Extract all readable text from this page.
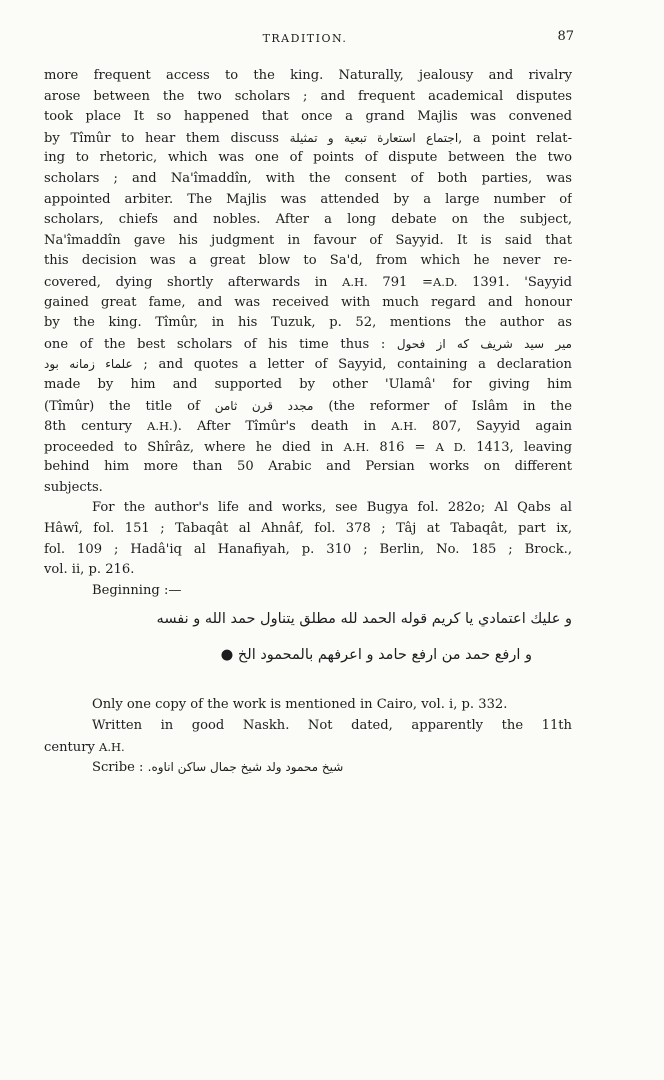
TRADITION.	87
more frequent access to the king. Naturally, jealousy and rivalry
arose between the two scholars ; and frequent academical disputes
took place It so happened that once a grand Majlis was convened
by Tîmûr to hear them discuss اجتماع استعارة تبعية و تمثيلة, a point relat-
ing to rhetoric, which was one of points of dispute between the two
scholars ; and Na'îmaddîn, with the consent of both parties, was
appointed arbiter. The Majlis was attended by a large number of
scholars, chiefs and nobles. After a long debate on the subject,
Na'îmaddîn gave his judgment in favour of Sayyid. It is said that
this decision was a great blow to Sa'd, from which he never re-
covered, dying shortly afterwards in A.H. 791 =A.D. 1391. 'Sayyid
gained great fame, and was received with much regard and honour
by the king. Tîmûr, in his Tuzuk, p. 52, mentions the author as
one of the best scholars of his time thus : مير سيد شريف كه از فحول
علماء زمانه بود ; and quotes a letter of Sayyid, containing a declaration
made by him and supported by other 'Ulamâ' for giving him
(Tîmûr) the title of مجدد قرن ثامن (the reformer of Islâm in the
8th century A.H.). After Tîmûr's death in A.H. 807, Sayyid again
proceeded to Shîrâz, where he died in A.H. 816 = A D. 1413, leaving
behind him more than 50 Arabic and Persian works on different
subjects.
For the author's life and works, see Bugya fol. 282o; Al Qabs al
Hâwî, fol. 151 ; Tabaqât al Ahnâf, fol. 378 ; Tâj at Tabaqât, part ix,
fol. 109 ; Hadâ'iq al Hanafiyah, p. 310 ; Berlin, No. 185 ; Brock.,
vol. ii, p. 216.
Beginning :—
و عليك اعتمادي يا كريم قوله الحمد لله مطلق يتناول حمد الله و نفسه
و ارفع حمد من ارفع حامد و اعرفهم بالمحمود الخ ●
Only one copy of the work is mentioned in Cairo, vol. i, p. 332.
Written in good Naskh. Not dated, apparently the 11th
century A.H.
Scribe : شيخ محمود ولد شيخ جمال ساكن اناوه.
